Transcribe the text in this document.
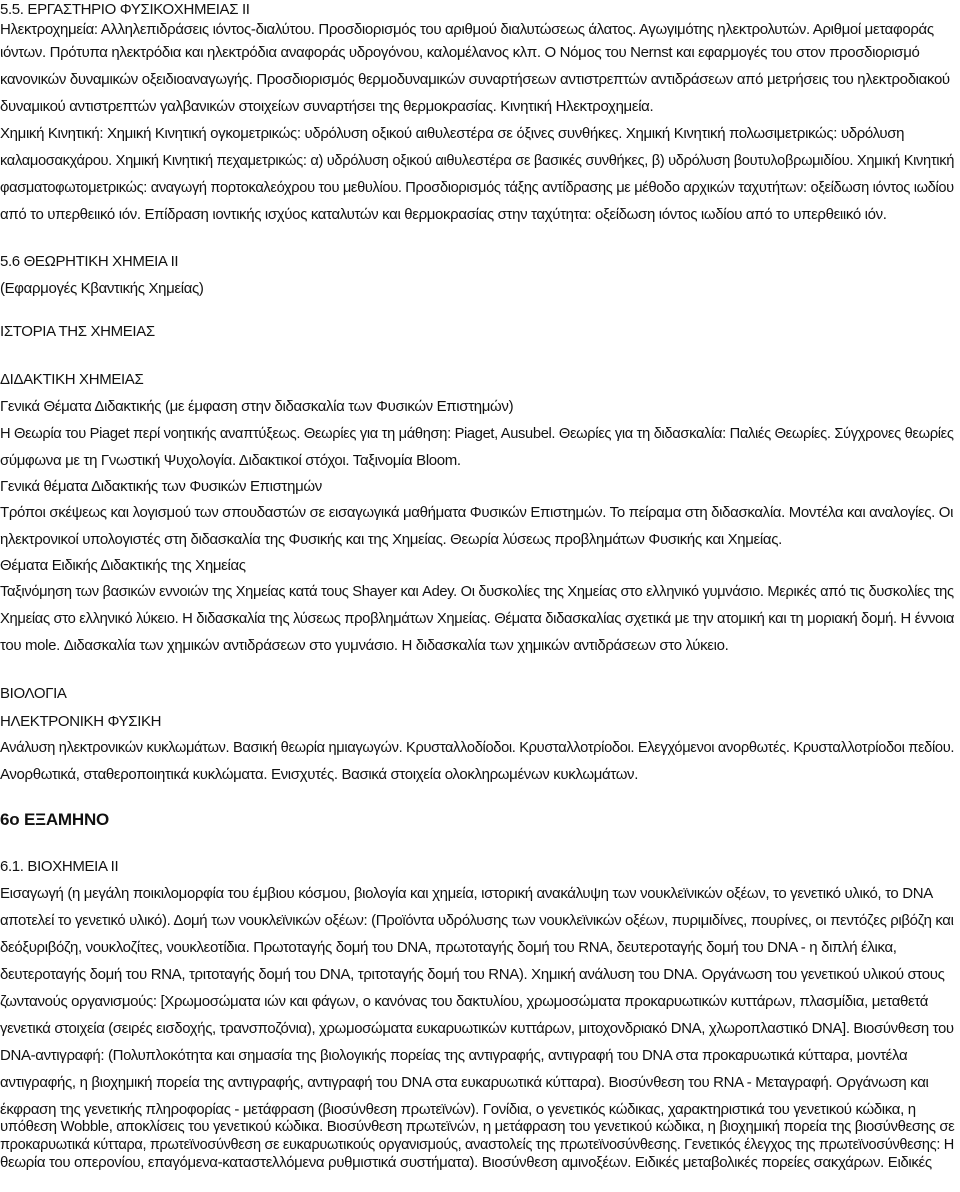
5.5. ΕΡΓΑΣΤΗΡΙΟ ΦΥΣΙΚΟΧΗΜΕΙΑΣ ΙΙ
Ηλεκτροχημεία: Αλληλεπιδράσεις ιόντος-διαλύτου. Προσδιορισμός του αριθμού διαλυτώσεως άλατος. Αγωγιμότης ηλεκτρολυτών. Αριθμοί μεταφοράς
ιόντων. Πρότυπα ηλεκτρόδια και ηλεκτρόδια αναφοράς υδρογόνου, καλομέλανος κλπ. Ο Νόμος του Nernst και εφαρμογές του στον προσδιορισμό
κανονικών δυναμικών οξειδιοαναγωγής. Προσδιορισμός θερμοδυναμικών συναρτήσεων αντιστρεπτών αντιδράσεων από μετρήσεις του ηλεκτροδιακού
δυναμικού αντιστρεπτών γαλβανικών στοιχείων συναρτήσει της θερμοκρασίας. Κινητική Ηλεκτροχημεία.
Χημική Κινητική: Χημική Κινητική ογκομετρικώς: υδρόλυση οξικού αιθυλεστέρα σε όξινες συνθήκες. Χημική Κινητική πολωσιμετρικώς: υδρόλυση
καλαμοσακχάρου. Χημική Κινητική πεχαμετρικώς: α) υδρόλυση οξικού αιθυλεστέρα σε βασικές συνθήκες, β) υδρόλυση βουτυλοβρωμιδίου. Χημική Κινητική
φασματοφωτομετρικώς: αναγωγή πορτοκαλεόχρου του μεθυλίου. Προσδιορισμός τάξης αντίδρασης με μέθοδο αρχικών ταχυτήτων: οξείδωση ιόντος ιωδίου
από το υπερθειικό ιόν. Επίδραση ιοντικής ισχύος καταλυτών και θερμοκρασίας στην ταχύτητα: οξείδωση ιόντος ιωδίου από το υπερθειικό ιόν.
5.6 ΘΕΩΡΗΤΙΚΗ ΧΗΜΕΙΑ ΙΙ
(Εφαρμογές Κβαντικής Χημείας)
ΙΣΤΟΡΙΑ ΤΗΣ ΧΗΜΕΙΑΣ
ΔΙΔΑΚΤΙΚΗ ΧΗΜΕΙΑΣ
Γενικά Θέματα Διδακτικής (με έμφαση στην διδασκαλία των Φυσικών Επιστημών)
Η Θεωρία του Piaget περί νοητικής αναπτύξεως. Θεωρίες για τη μάθηση: Piaget, Ausubel. Θεωρίες για τη διδασκαλία: Παλιές Θεωρίες. Σύγχρονες θεωρίες
σύμφωνα με τη Γνωστική Ψυχολογία. Διδακτικοί στόχοι. Ταξινομία Bloom.
Γενικά θέματα Διδακτικής των Φυσικών Επιστημών
Τρόποι σκέψεως και λογισμού των σπουδαστών σε εισαγωγικά μαθήματα Φυσικών Επιστημών. Το πείραμα στη διδασκαλία. Μοντέλα και αναλογίες. Οι
ηλεκτρονικοί υπολογιστές στη διδασκαλία της Φυσικής και της Χημείας. Θεωρία λύσεως προβλημάτων Φυσικής και Χημείας.
Θέματα Ειδικής Διδακτικής της Χημείας
Ταξινόμηση των βασικών εννοιών της Χημείας κατά τους Shayer και Adey. Οι δυσκολίες της Χημείας στο ελληνικό γυμνάσιο. Μερικές από τις δυσκολίες της
Χημείας στο ελληνικό λύκειο. Η διδασκαλία της λύσεως προβλημάτων Χημείας. Θέματα διδασκαλίας σχετικά με την ατομική και τη μοριακή δομή. Η έννοια
του mole. Διδασκαλία των χημικών αντιδράσεων στο γυμνάσιο. Η διδασκαλία των χημικών αντιδράσεων στο λύκειο.
ΒΙΟΛΟΓΙΑ
ΗΛΕΚΤΡΟΝΙΚΗ ΦΥΣΙΚΗ
Ανάλυση ηλεκτρονικών κυκλωμάτων. Βασική θεωρία ημιαγωγών. Κρυσταλλοδίοδοι. Κρυσταλλοτρίοδοι. Ελεγχόμενοι ανορθωτές. Κρυσταλλοτρίοδοι πεδίου.
Ανορθωτικά, σταθεροποιητικά κυκλώματα. Ενισχυτές. Βασικά στοιχεία ολοκληρωμένων κυκλωμάτων.
6ο ΕΞΑΜΗΝΟ
6.1. ΒΙΟΧΗΜΕΙΑ ΙΙ
Εισαγωγή (η μεγάλη ποικιλομορφία του έμβιου κόσμου, βιολογία και χημεία, ιστορική ανακάλυψη των νουκλεϊνικών οξέων, το γενετικό υλικό, το DNA
αποτελεί το γενετικό υλικό). Δομή των νουκλεϊνικών οξέων: (Προϊόντα υδρόλυσης των νουκλεϊνικών οξέων, πυριμιδίνες, πουρίνες, οι πεντόζες ριβόζη και
δεόξυριβόζη, νουκλοζίτες, νουκλεοτίδια. Πρωτοταγής δομή του DNA, πρωτοταγής δομή του RNA, δευτεροταγής δομή του DNA - η διπλή έλικα,
δευτεροταγής δομή του RNA, τριτοταγής δομή του DNA, τριτοταγής δομή του RNA). Χημική ανάλυση του DNA. Οργάνωση του γενετικού υλικού στους
ζωντανούς οργανισμούς: [Χρωμοσώματα ιών και φάγων, ο κανόνας του δακτυλίου, χρωμοσώματα προκαρυωτικών κυττάρων, πλασμίδια, μεταθετά
γενετικά στοιχεία (σειρές εισδοχής, τρανσποζόνια), χρωμοσώματα ευκαρυωτικών κυττάρων, μιτοχονδριακό DNA, χλωροπλαστικό DNA]. Βιοσύνθεση του
DNA-αντιγραφή: (Πολυπλοκότητα και σημασία της βιολογικής πορείας της αντιγραφής, αντιγραφή του DNA στα προκαρυωτικά κύτταρα, μοντέλα
αντιγραφής, η βιοχημική πορεία της αντιγραφής, αντιγραφή του DNA στα ευκαρυωτικά κύτταρα). Βιοσύνθεση του RNA - Μεταγραφή. Οργάνωση και
έκφραση της γενετικής πληροφορίας - μετάφραση (βιοσύνθεση πρωτεϊνών). Γονίδια, ο γενετικός κώδικας, χαρακτηριστικά του γενετικού κώδικα, η
υπόθεση Wobble, αποκλίσεις του γενετικού κώδικα. Βιοσύνθεση πρωτεϊνών, η μετάφραση του γενετικού κώδικα, η βιοχημική πορεία της βιοσύνθεσης σε
προκαρυωτικά κύτταρα, πρωτεϊνοσύνθεση σε ευκαρυωτικούς οργανισμούς, αναστολείς της πρωτεϊνοσύνθεσης. Γενετικός έλεγχος της πρωτεϊνοσύνθεσης: Η
θεωρία του οπερονίου, επαγόμενα-καταστελλόμενα ρυθμιστικά συστήματα). Βιοσύνθεση αμινοξέων. Ειδικές μεταβολικές πορείες σακχάρων. Ειδικές
